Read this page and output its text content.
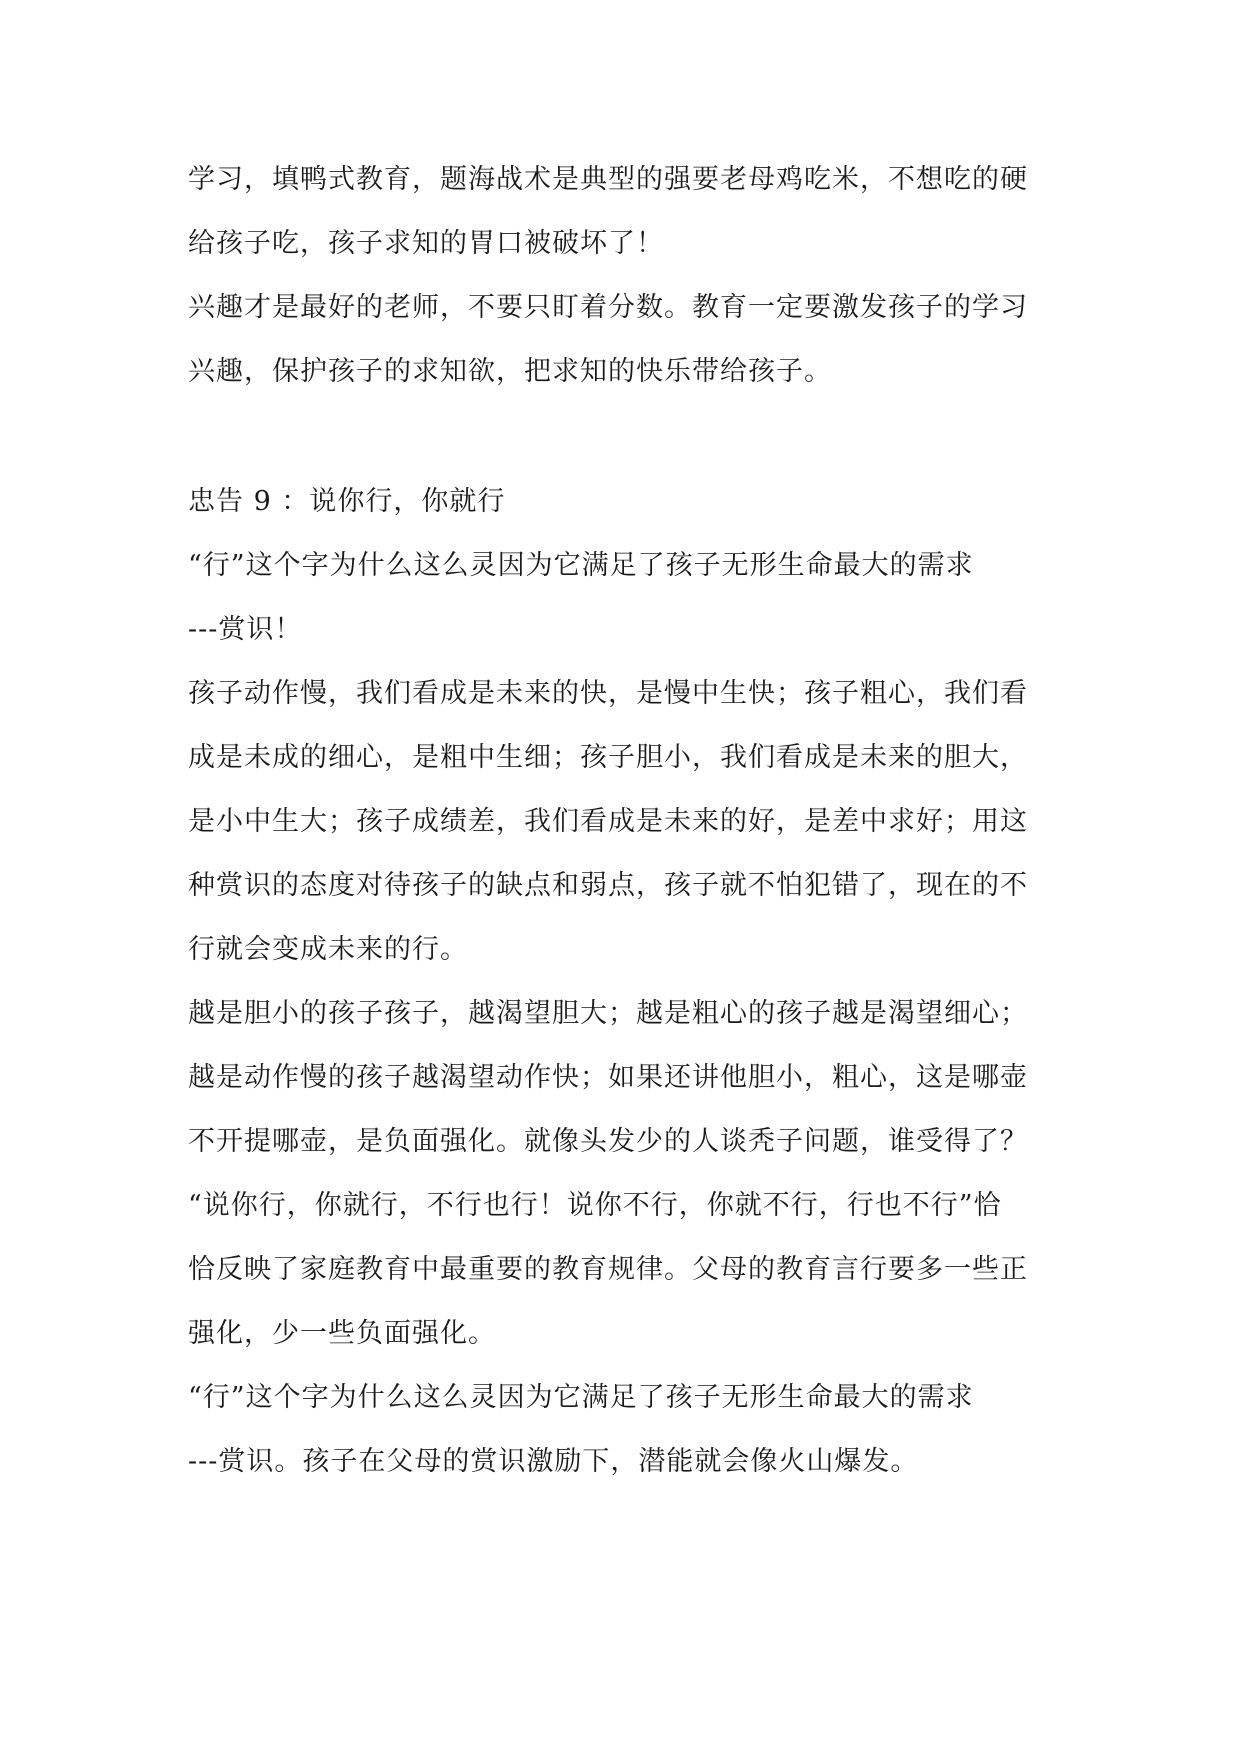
学习，填鸭式教育，题海战术是典型的强要老母鸡吃米，不想吃的硬
给孩子吃，孩子求知的胃口被破坏了！
兴趣才是最好的老师，不要只盯着分数。教育一定要激发孩子的学习
兴趣，保护孩子的求知欲，把求知的快乐带给孩子。
忠告 9 ：说你行，你就行
“行”这个字为什么这么灵因为它满足了孩子无形生命最大的需求
---赏识！
孩子动作慢，我们看成是未来的快，是慢中生快；孩子粗心，我们看
成是未成的细心，是粗中生细；孩子胆小，我们看成是未来的胆大，
是小中生大；孩子成绩差，我们看成是未来的好，是差中求好；用这
种赏识的态度对待孩子的缺点和弱点，孩子就不怕犯错了，现在的不
行就会变成未来的行。
越是胆小的孩子孩子，越渴望胆大；越是粗心的孩子越是渴望细心；
越是动作慢的孩子越渴望动作快；如果还讲他胆小，粗心，这是哪壶
不开提哪壶，是负面强化。就像头发少的人谈秃子问题，谁受得了？
“说你行，你就行，不行也行！说你不行，你就不行，行也不行”恰
恰反映了家庭教育中最重要的教育规律。父母的教育言行要多一些正
强化，少一些负面强化。
“行”这个字为什么这么灵因为它满足了孩子无形生命最大的需求
---赏识。孩子在父母的赏识激励下，潜能就会像火山爆发。
